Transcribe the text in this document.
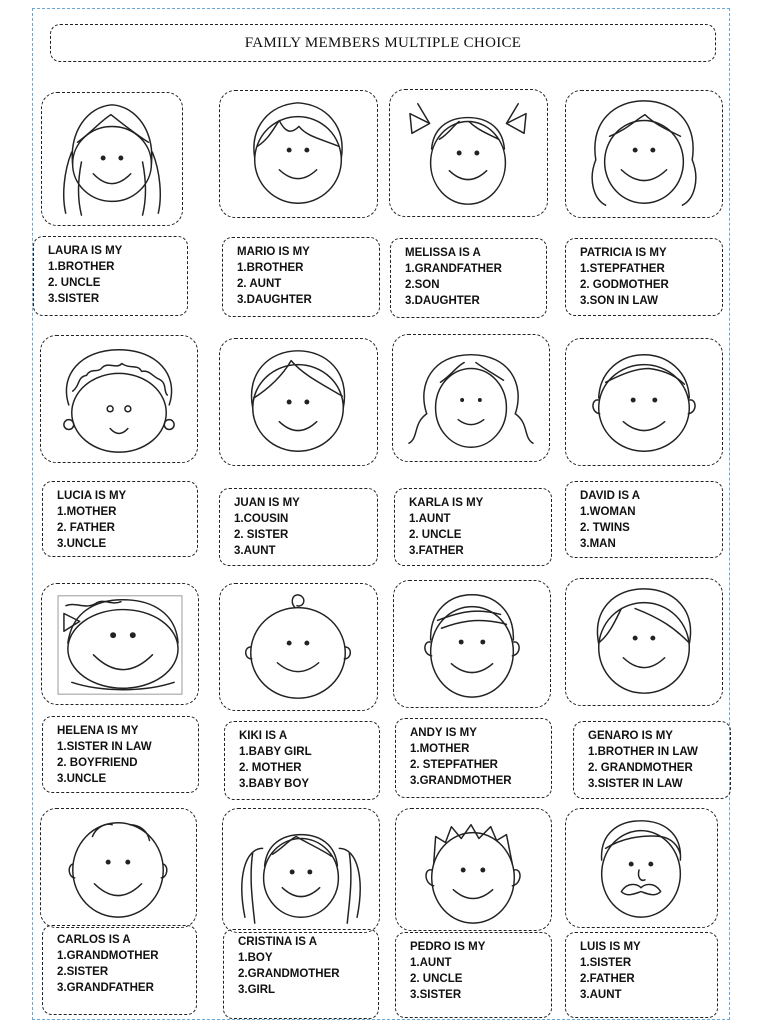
FAMILY MEMBERS MULTIPLE CHOICE
LAURA IS MY
1.BROTHER
2. UNCLE
3.SISTER
MARIO IS MY
1.BROTHER
2. AUNT
3.DAUGHTER
MELISSA IS A
1.GRANDFATHER
2.SON
3.DAUGHTER
PATRICIA IS MY
1.STEPFATHER
2. GODMOTHER
3.SON IN LAW
LUCIA IS MY
1.MOTHER
2. FATHER
3.UNCLE
JUAN IS MY
1.COUSIN
2. SISTER
3.AUNT
KARLA IS MY
1.AUNT
2. UNCLE
3.FATHER
DAVID IS A
1.WOMAN
2. TWINS
3.MAN
HELENA IS MY
1.SISTER IN LAW
2. BOYFRIEND
3.UNCLE
KIKI IS A
1.BABY GIRL
2. MOTHER
3.BABY BOY
ANDY IS MY
1.MOTHER
2. STEPFATHER
3.GRANDMOTHER
GENARO IS MY
1.BROTHER IN LAW
2. GRANDMOTHER
3.SISTER IN LAW
CARLOS IS A
1.GRANDMOTHER
2.SISTER
3.GRANDFATHER
CRISTINA IS A
1.BOY
2.GRANDMOTHER
3.GIRL
PEDRO IS MY
1.AUNT
2. UNCLE
3.SISTER
LUIS IS MY
1.SISTER
2.FATHER
3.AUNT
